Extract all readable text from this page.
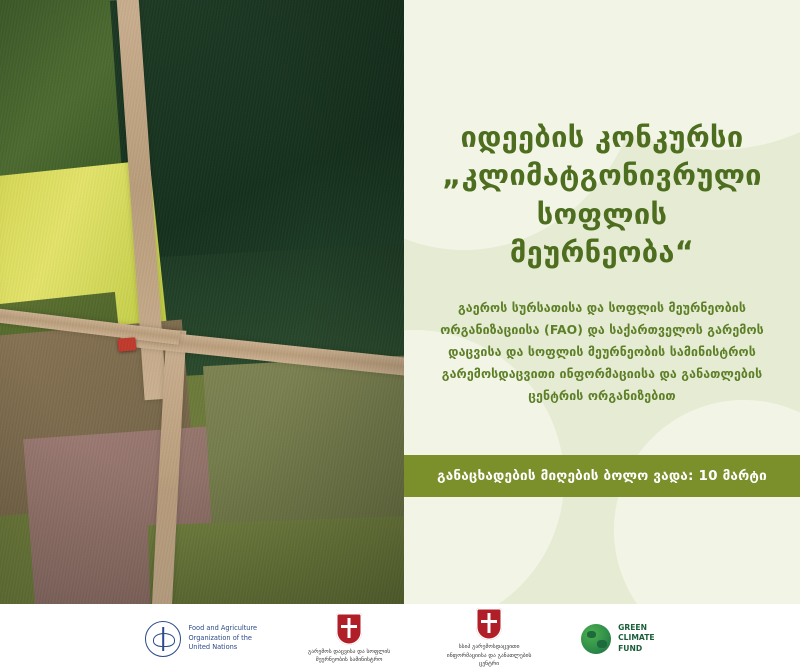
იდეების კონკურსი
„კლიმატგონივრული
სოფლის
მეურნეობა“
გაეროს სურსათისა და სოფლის მეურნეობის
ორგანიზაციისა (FAO) და საქართველოს გარემოს
დაცვისა და სოფლის მეურნეობის სამინისტროს
გარემოსდაცვითი ინფორმაციისა და განათლების
ცენტრის ორგანიზებით
განაცხადების მიღების ბოლო ვადა: 10 მარტი
Food and Agriculture
Organization of the
United Nations
გარემოს დაცვისა და სოფლის მეურნეობის სამინისტრო
სსიპ გარემოსდაცვითი ინფორმაციისა და განათლების ცენტრი
GREEN
CLIMATE
FUND
